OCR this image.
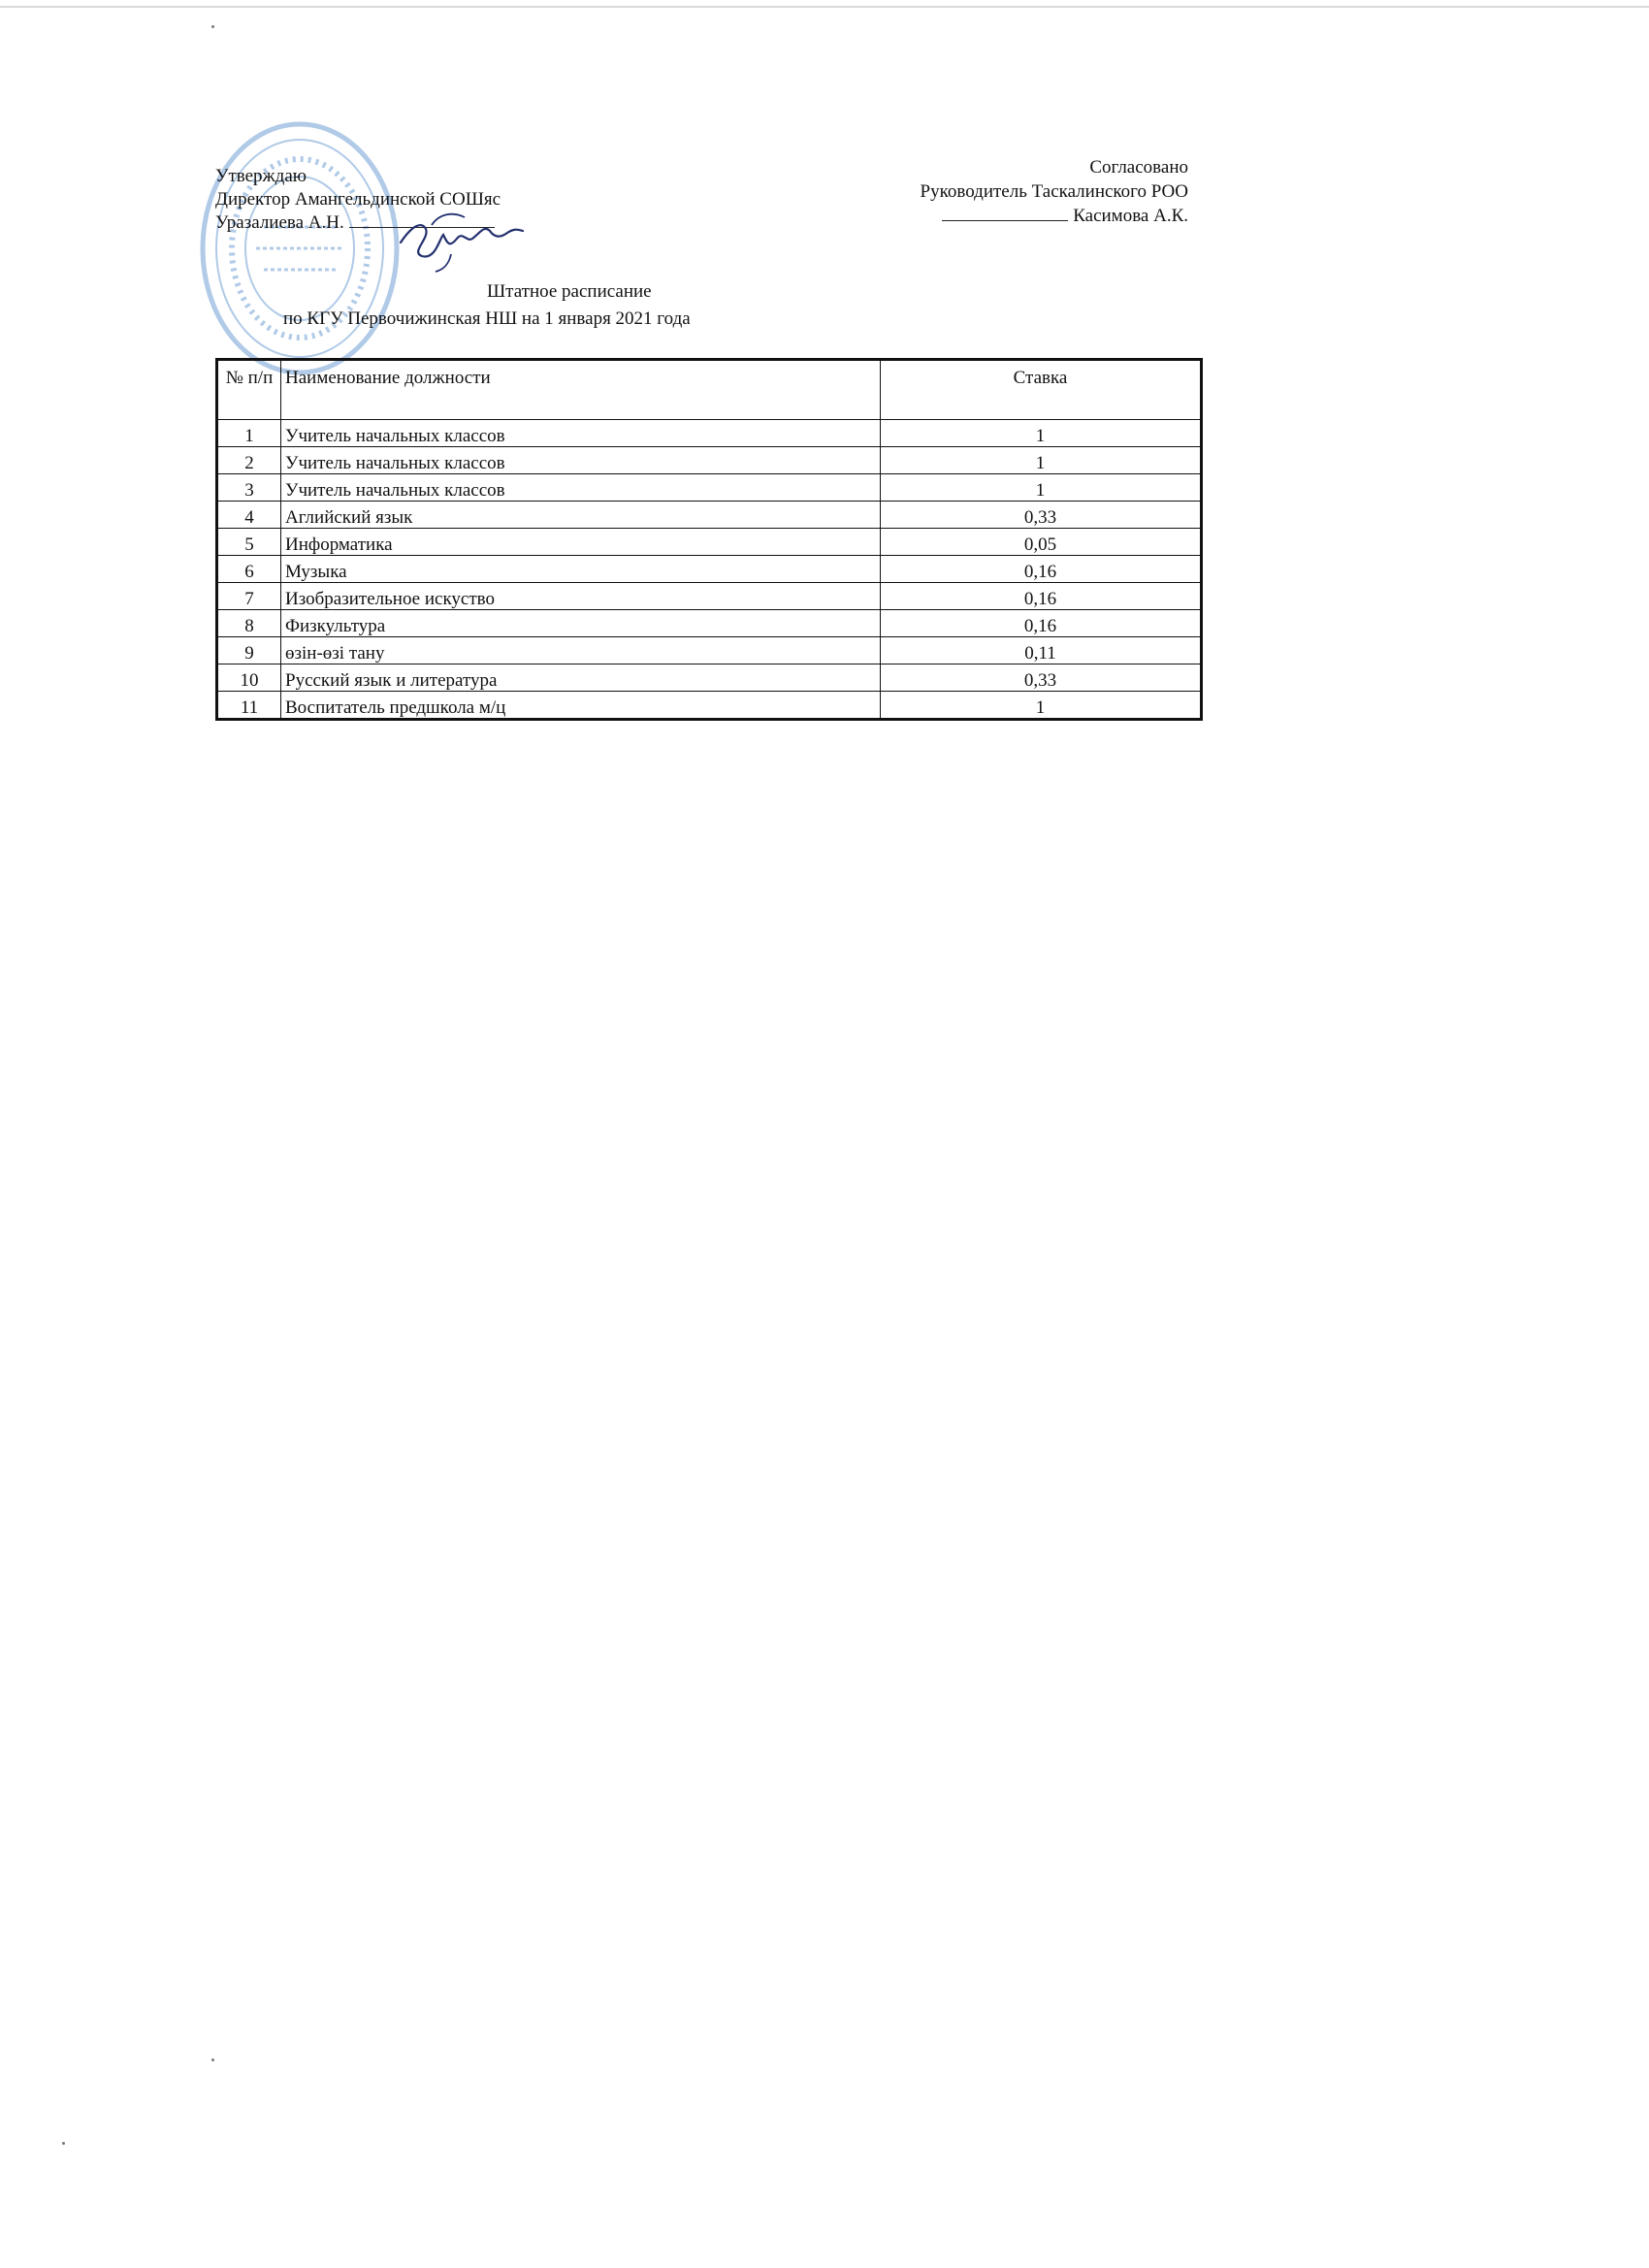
Утверждаю
Директор Амангельдинской СОШяс
Уразалиева А.Н.
Согласовано
Руководитель Таскалинского РОО
Касимова А.К.
Штатное расписание
по КГУ Первочижинская НШ на 1 января 2021 года
№ п/п	Наименование должности	Ставка
1	Учитель начальных классов	1
2	Учитель начальных классов	1
3	Учитель начальных классов	1
4	Аглийский язык	0,33
5	Информатика	0,05
6	Музыка	0,16
7	Изобразительное искуство	0,16
8	Физкультура	0,16
9	өзін-өзі тану	0,11
10	Русский язык и литература	0,33
11	Воспитатель предшкола м/ц	1
